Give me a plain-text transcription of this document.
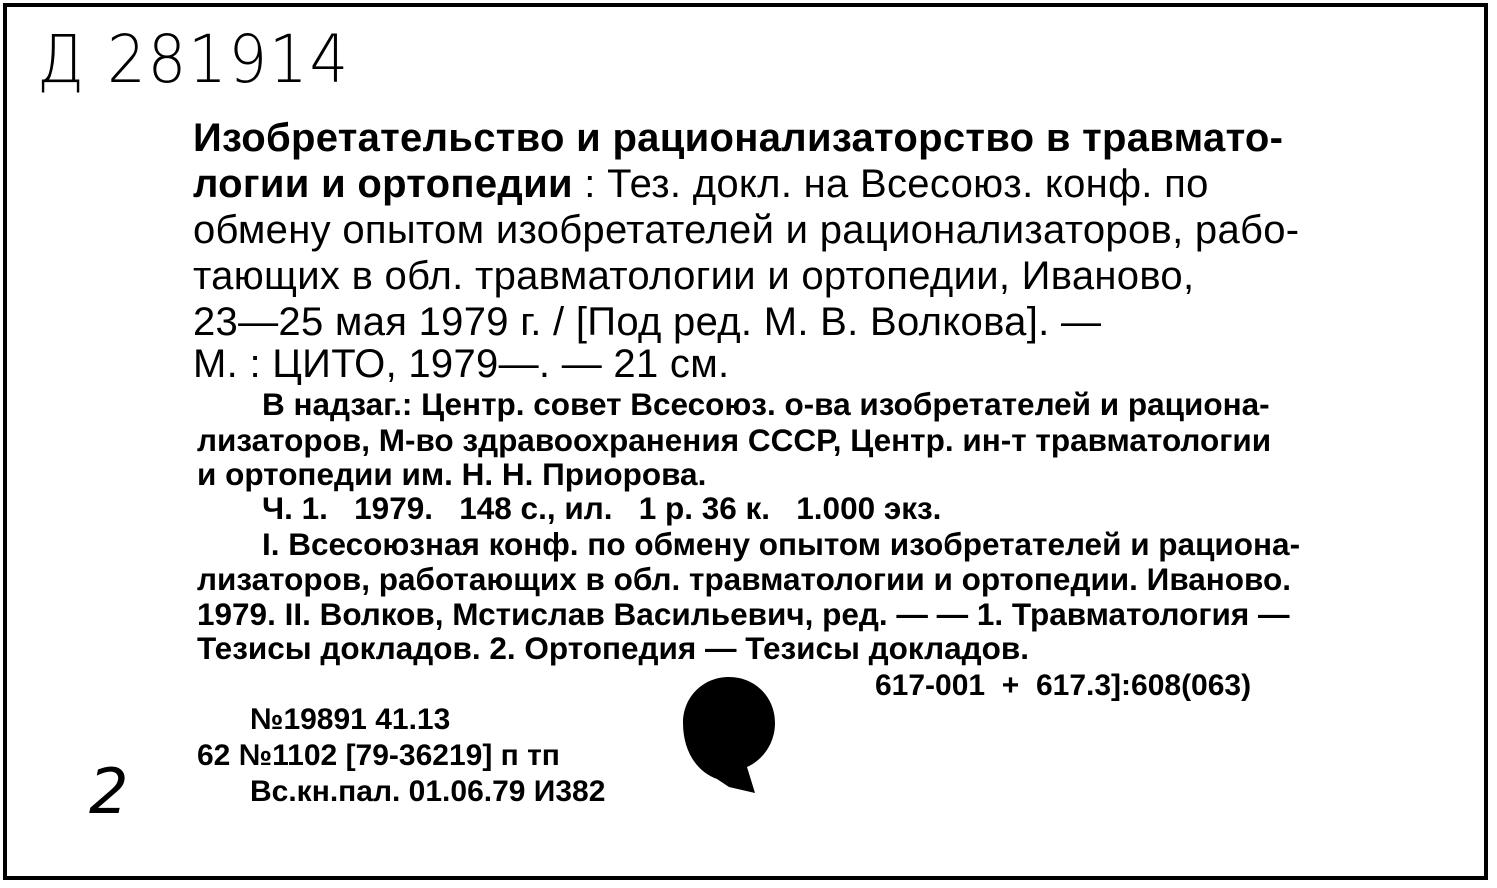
Д 281914
Изобретательство и рационализаторство в травмато-
логии и ортопедии : Тез. докл. на Всесоюз. конф. по
обмену опытом изобретателей и рационализаторов, рабо-
тающих в обл. травматологии и ортопедии, Иваново,
23—25 мая 1979 г. / [Под ред. М. В. Волкова]. —
М. : ЦИТО, 1979—. — 21 см.
В надзаг.: Центр. совет Всесоюз. о-ва изобретателей и рациона-
лизаторов, М-во здравоохранения СССР, Центр. ин-т травматологии
и ортопедии им. Н. Н. Приорова.
Ч. 1.   1979.   148 с., ил.   1 р. 36 к.   1.000 экз.
I. Всесоюзная конф. по обмену опытом изобретателей и рациона-
лизаторов, работающих в обл. травматологии и ортопедии. Иваново.
1979. II. Волков, Мстислав Васильевич, ред. — — 1. Травматология —
Тезисы докладов. 2. Ортопедия — Тезисы докладов.
617-001  +  617.3]:608(063)
№19891 41.13
62 №1102 [79-36219] п тп
Вс.кн.пал. 01.06.79 И382
2
